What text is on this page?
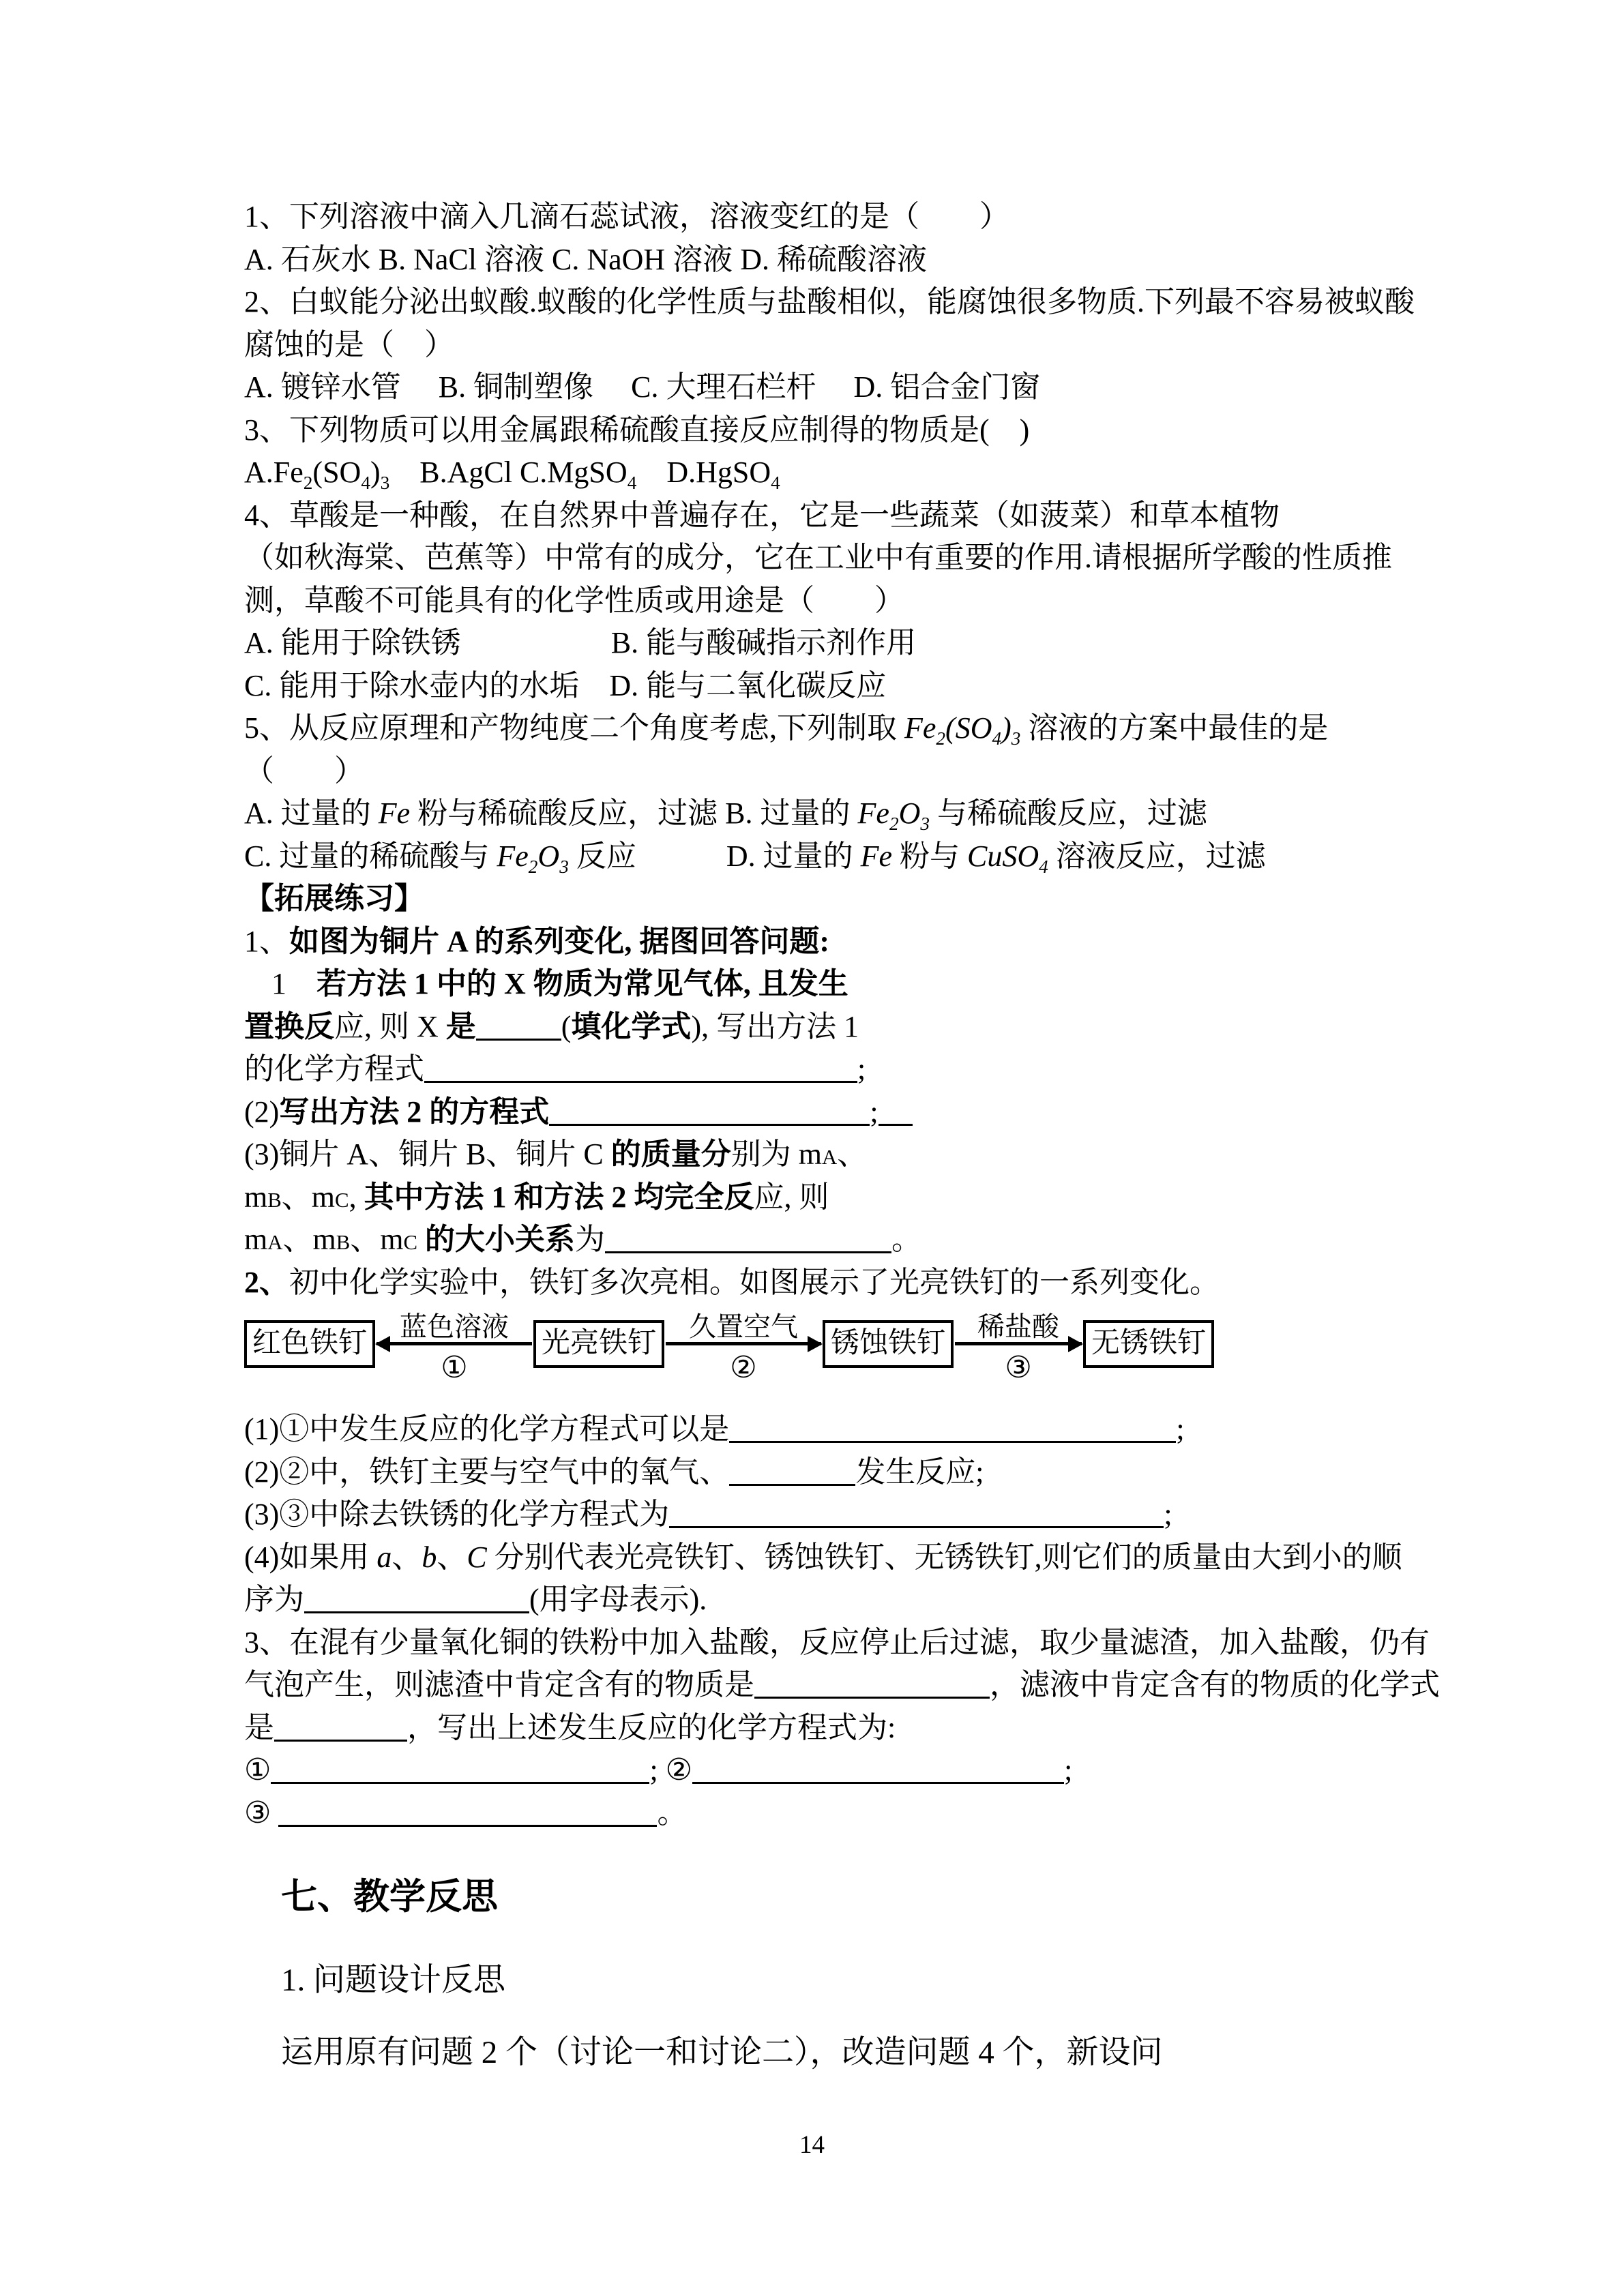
1、下列溶液中滴入几滴石蕊试液，溶液变红的是（　　）
A. 石灰水 B. NaCl 溶液 C. NaOH 溶液 D. 稀硫酸溶液
2、白蚁能分泌出蚁酸.蚁酸的化学性质与盐酸相似，能腐蚀很多物质.下列最不容易被蚁酸
腐蚀的是（　）
A. 镀锌水管　 B. 铜制塑像　 C. 大理石栏杆　 D. 铝合金门窗
3、下列物质可以用金属跟稀硫酸直接反应制得的物质是(　)
$A.Fe_2(SO_4)_3$　B.AgCl C.MgSO$_4$　D.HgSO$_4$
4、草酸是一种酸，在自然界中普遍存在，它是一些蔬菜（如菠菜）和草本植物
（如秋海棠、芭蕉等）中常有的成分，它在工业中有重要的作用.请根据所学酸的性质推
测，草酸不可能具有的化学性质或用途是（　　）
A. 能用于除铁锈　　　　　B. 能与酸碱指示剂作用
C. 能用于除水壶内的水垢　D. 能与二氧化碳反应
5、从反应原理和产物纯度二个角度考虑,下列制取 $Fe_2(SO_4)_3$ 溶液的方案中最佳的是
（　　）
A. 过量的 Fe 粉与稀硫酸反应，过滤 B. 过量的 $Fe_2O_3$ 与稀硫酸反应，过滤
C. 过量的稀硫酸与 $Fe_2O_3$ 反应　　　D. 过量的 Fe 粉与 CuSO$_4$ 溶液反应，过滤
【拓展练习】
1、如图为铜片 A 的系列变化, 据图回答问题:
1　若方法 1 中的 X 物质为常见气体, 且发生
置换反应, 则 X 是	(填化学式), 写出方法 1
的化学方程式	;
(2)写出方法 2 的方程式	;
(3)铜片 A、铜片 B、铜片 C 的质量分别为 mA、
mB、mC, 其中方法 1 和方法 2 均完全反应, 则
mA、mB、mC 的大小关系为	。
2、初中化学实验中，铁钉多次亮相。如图展示了光亮铁钉的一系列变化。
红色铁钉
蓝色溶液
①
光亮铁钉
久置空气
②
锈蚀铁钉
稀盐酸
③
无锈铁钉
(1)①中发生反应的化学方程式可以是	;
(2)②中，铁钉主要与空气中的氧气、	发生反应;
(3)③中除去铁锈的化学方程式为	;
(4)如果用 a、b、C 分别代表光亮铁钉、锈蚀铁钉、无锈铁钉,则它们的质量由大到小的顺
序为	(用字母表示).
3、在混有少量氧化铜的铁粉中加入盐酸，反应停止后过滤，取少量滤渣，加入盐酸，仍有
气泡产生，则滤渣中肯定含有的物质是	，滤液中肯定含有的物质的化学式
是	，写出上述发生反应的化学方程式为:
①	; ②	;
③	。
七、教学反思
1. 问题设计反思
运用原有问题 2 个（讨论一和讨论二），改造问题 4 个，新设问
14
